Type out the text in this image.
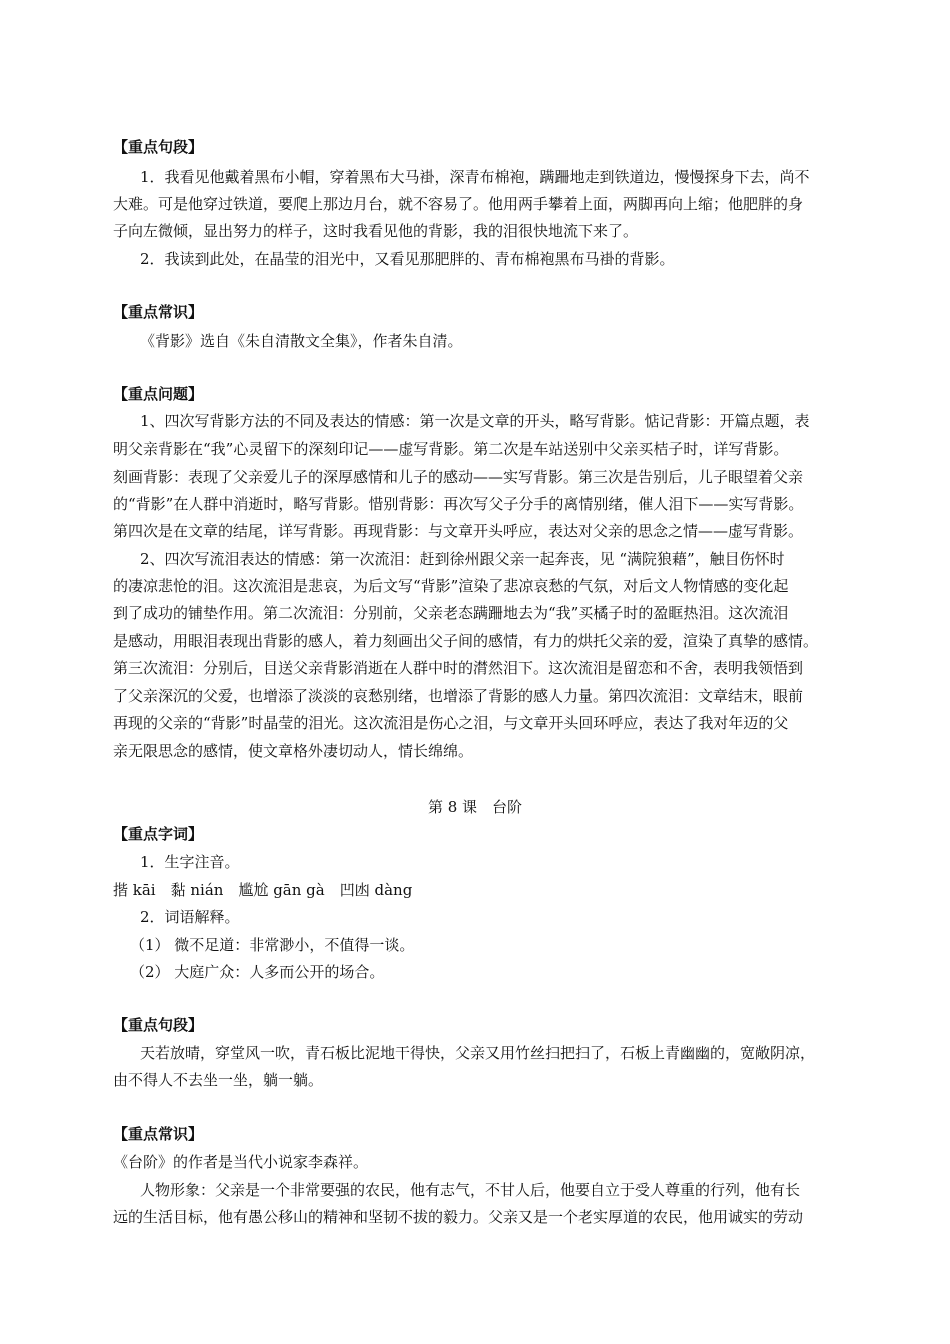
【重点句段】
1．我看见他戴着黑布小帽，穿着黑布大马褂，深青布棉袍，蹒跚地走到铁道边，慢慢探身下去，尚不
大难。可是他穿过铁道，要爬上那边月台，就不容易了。他用两手攀着上面，两脚再向上缩；他肥胖的身
子向左微倾，显出努力的样子，这时我看见他的背影，我的泪很快地流下来了。
2．我读到此处，在晶莹的泪光中，又看见那肥胖的、青布棉袍黑布马褂的背影。
【重点常识】
《背影》选自《朱自清散文全集》，作者朱自清。
【重点问题】
1、四次写背影方法的不同及表达的情感：第一次是文章的开头，略写背影。惦记背影：开篇点题，表
明父亲背影在“我”心灵留下的深刻印记——虚写背影。第二次是车站送别中父亲买桔子时，详写背影。
刻画背影：表现了父亲爱儿子的深厚感情和儿子的感动——实写背影。第三次是告别后，儿子眼望着父亲
的“背影”在人群中消逝时，略写背影。惜别背影：再次写父子分手的离情别绪，催人泪下——实写背影。
第四次是在文章的结尾，详写背影。再现背影：与文章开头呼应，表达对父亲的思念之情——虚写背影。
2、四次写流泪表达的情感：第一次流泪：赶到徐州跟父亲一起奔丧，见 “满院狼藉”，触目伤怀时
的凄凉悲怆的泪。这次流泪是悲哀，为后文写“背影”渲染了悲凉哀愁的气氛，对后文人物情感的变化起
到了成功的铺垫作用。第二次流泪：分别前，父亲老态蹒跚地去为“我”买橘子时的盈眶热泪。这次流泪
是感动，用眼泪表现出背影的感人，着力刻画出父子间的感情，有力的烘托父亲的爱，渲染了真挚的感情。
第三次流泪：分别后，目送父亲背影消逝在人群中时的潸然泪下。这次流泪是留恋和不舍，表明我领悟到
了父亲深沉的父爱，也增添了淡淡的哀愁别绪，也增添了背影的感人力量。第四次流泪：文章结末，眼前
再现的父亲的“背影”时晶莹的泪光。这次流泪是伤心之泪，与文章开头回环呼应，表达了我对年迈的父
亲无限思念的感情，使文章格外凄切动人，情长绵绵。
第 8 课　台阶
【重点字词】
1．生字注音。
揩 kāi　黏 nián　尴尬 gān gà　凹凼 dàng
2．词语解释。
（1） 微不足道：非常渺小，不值得一谈。
（2） 大庭广众：人多而公开的场合。
【重点句段】
天若放晴，穿堂风一吹，青石板比泥地干得快，父亲又用竹丝扫把扫了，石板上青幽幽的，宽敞阴凉，
由不得人不去坐一坐，躺一躺。
【重点常识】
《台阶》的作者是当代小说家李森祥。
人物形象：父亲是一个非常要强的农民，他有志气，不甘人后，他要自立于受人尊重的行列，他有长
远的生活目标，他有愚公移山的精神和坚韧不拔的毅力。父亲又是一个老实厚道的农民，他用诚实的劳动
